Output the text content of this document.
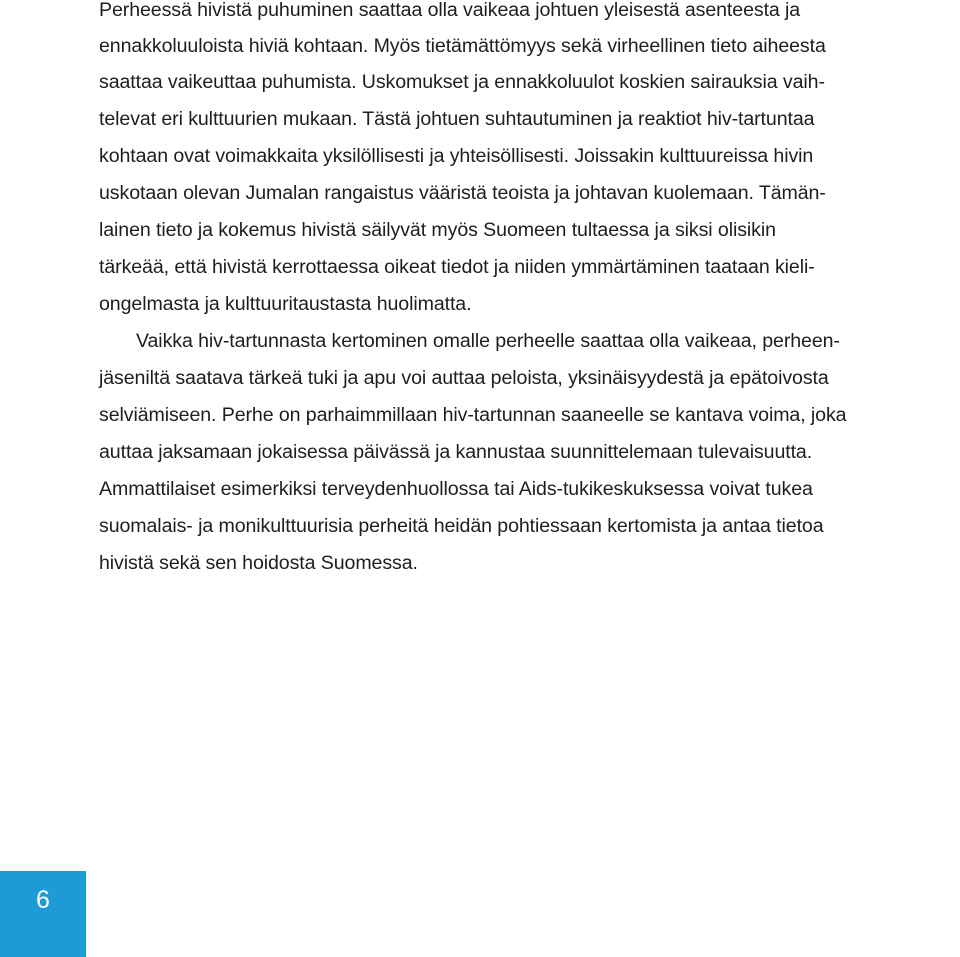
Perheessä hivistä puhuminen saattaa olla vaikeaa johtuen yleisestä asenteesta ja
ennakkoluuloista hiviä kohtaan. Myös tietämättömyys sekä virheellinen tieto aiheesta
saattaa vaikeuttaa puhumista. Uskomukset ja ennakkoluulot koskien sairauksia vaih-
televat eri kulttuurien mukaan. Tästä johtuen suhtautuminen ja reaktiot hiv-tartuntaa
kohtaan ovat voimakkaita yksilöllisesti ja yhteisöllisesti. Joissakin kulttuureissa hivin
uskotaan olevan Jumalan rangaistus vääristä teoista ja johtavan kuolemaan. Tämän-
lainen tieto ja kokemus hivistä säilyvät myös Suomeen tultaessa ja siksi olisikin
tärkeää, että hivistä kerrottaessa oikeat tiedot ja niiden ymmärtäminen taataan kieli-
ongelmasta ja kulttuuritaustasta huolimatta.
Vaikka hiv-tartunnasta kertominen omalle perheelle saattaa olla vaikeaa, perheen-
jäseniltä saatava tärkeä tuki ja apu voi auttaa peloista, yksinäisyydestä ja epätoivosta
selviämiseen. Perhe on parhaimmillaan hiv-tartunnan saaneelle se kantava voima, joka
auttaa jaksamaan jokaisessa päivässä ja kannustaa suunnittelemaan tulevaisuutta.
Ammattilaiset esimerkiksi terveydenhuollossa tai Aids-tukikeskuksessa voivat tukea
suomalais- ja monikulttuurisia perheitä heidän pohtiessaan kertomista ja antaa tietoa
hivistä sekä sen hoidosta Suomessa.
6
